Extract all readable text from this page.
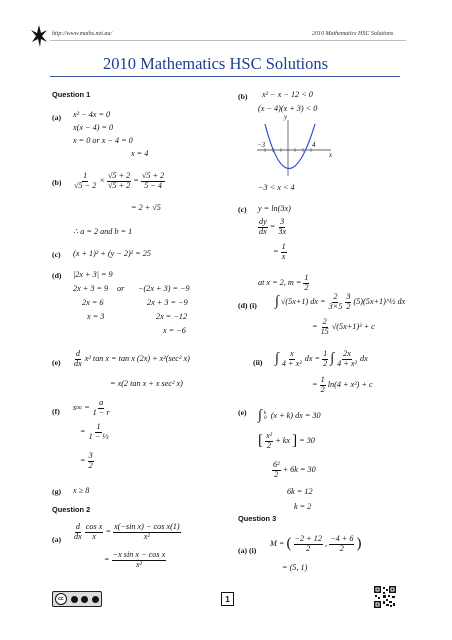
http://www.maths.net.au/	2010 Mathematics HSC Solutions
2010 Mathematics HSC Solutions
Question 1
(a) x² − 4x = 0
x(x − 4) = 0
x = 0 or x − 4 = 0
x = 4
$(b) \frac{1}{√5 - 2} \times \frac{√5 + 2}{√5 + 2} = \frac{√5 + 2}{5 - 4}$
= 2 + √5
∴ a = 2 and b = 1
(c) (x + 1)² + (y − 2)² = 25
(d) |2x + 3| = 9
2x + 3 = 9 or −(2x + 3) = −9
2x = 6	2x + 3 = −9
x = 3	2x = −12
x = −6
$(e) \frac{d}{dx} x^2$ tan x = tan x (2x) + x²(sec² x)
= x(2 tan x + x sec² x)
(f) $s\infty = \frac{a}{1 - r}$
= $\frac{1}{\text{1 − ⅓}}$
= $\frac{3}{2}$
(g) x ≥ 8
Question 2
$(a) \frac{d}{dx}$
$\frac{\text{cos x}}{x} = \frac{\text{x(−sin x) − cos x(1)}}{\text{x²}}$
= $\frac{\text{−x sin x − cos x}}{\text{x²}}$
(b) x² − x − 12 < 0
(x − 4)(x + 3) < 0
y
x
−3	4
−3 < x < 4
(c) y = ln(3x)
$\frac{dy}{dx} = \frac{3}{3x}$
= $\frac{1}{x}$
at x = 2, $m = \frac{1}{2}$
(d) (i) ∫ √(5x+1) dx = $\frac{2}{3\times 5}$
$\frac{3}{2}$ (5)(5x+1)^½ dx
= $\frac{2}{15} √(5x+1)^3 + c$
(ii) ∫ $\frac{x}{\text{4 + x²}}$ dx = $\frac{1}{2}$ ∫ $\frac{2x}{\text{4 + x²}}$ dx
= $\frac{1}{2} \ln(4 + x^2) + c$
(e) ∫ k
0 (x + k) dx = 30
[ $\frac{\text{x²}}{2}$ + kx ] = 30
$\frac{\text{6²}}{2} + 6k = 30$
6k = 12
k = 2
Question 3
(a) (i)
M = ( $\frac{-2 + 12}{2}$ , $\frac{-4 + 6}{2}$ )
= (5, 1)
cc	1
